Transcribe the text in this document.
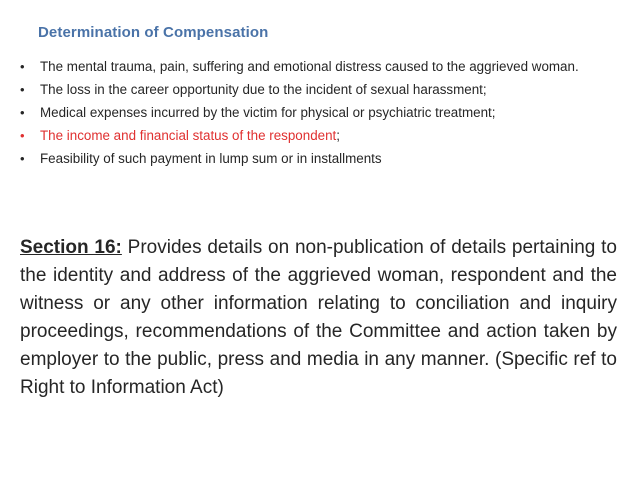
Determination of Compensation
•	The mental trauma, pain, suffering and emotional distress caused to the aggrieved woman.
•	The loss in the career opportunity due to the incident of sexual harassment;
•	Medical expenses incurred by the victim for physical or psychiatric treatment;
•	The income and financial status of the respondent;
•	Feasibility of such payment in lump sum or in installments
Section 16: Provides details on non-publication of details pertaining to the identity and address of the aggrieved woman, respondent and the witness or any other information relating to conciliation and inquiry proceedings, recommendations of the Committee and action taken by employer to the public, press and media in any manner. (Specific ref to Right to Information Act)
